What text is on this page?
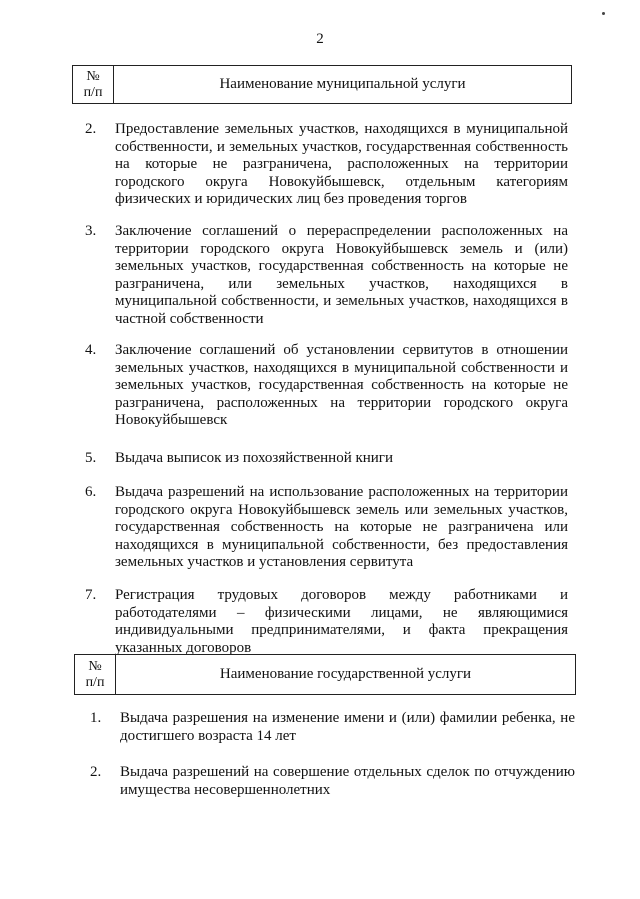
2
№
п/п	Наименование муниципальной услуги
2.	Предоставление земельных участков, находящихся в муниципальной собственности, и земельных участков, государственная собственность на которые не разграничена, расположенных на территории городского округа Новокуйбышевск, отдельным категориям физических и юридических лиц без проведения торгов
3.	Заключение соглашений о перераспределении расположенных на территории городского округа Новокуйбышевск земель и (или) земельных участков, государственная собственность на которые не разграничена, или земельных участков, находящихся в муниципальной собственности, и земельных участков, находящихся в частной собственности
4.	Заключение соглашений об установлении сервитутов в отношении земельных участков, находящихся в муниципальной собственности и земельных участков, государственная собственность на которые не разграничена, расположенных на территории городского округа Новокуйбышевск
5.	Выдача выписок из похозяйственной книги
6.	Выдача разрешений на использование расположенных на территории городского округа Новокуйбышевск земель или земельных участков, государственная собственность на которые не разграничена или находящихся в муниципальной собственности, без предоставления земельных участков и установления сервитута
7.	Регистрация трудовых договоров между работниками и работодателями – физическими лицами, не являющимися индивидуальными предпринимателями, и факта прекращения указанных договоров
№
п/п	Наименование государственной услуги
1.	Выдача разрешения на изменение имени и (или) фамилии ребенка, не достигшего возраста 14 лет
2.	Выдача разрешений на совершение отдельных сделок по отчуждению имущества несовершеннолетних
